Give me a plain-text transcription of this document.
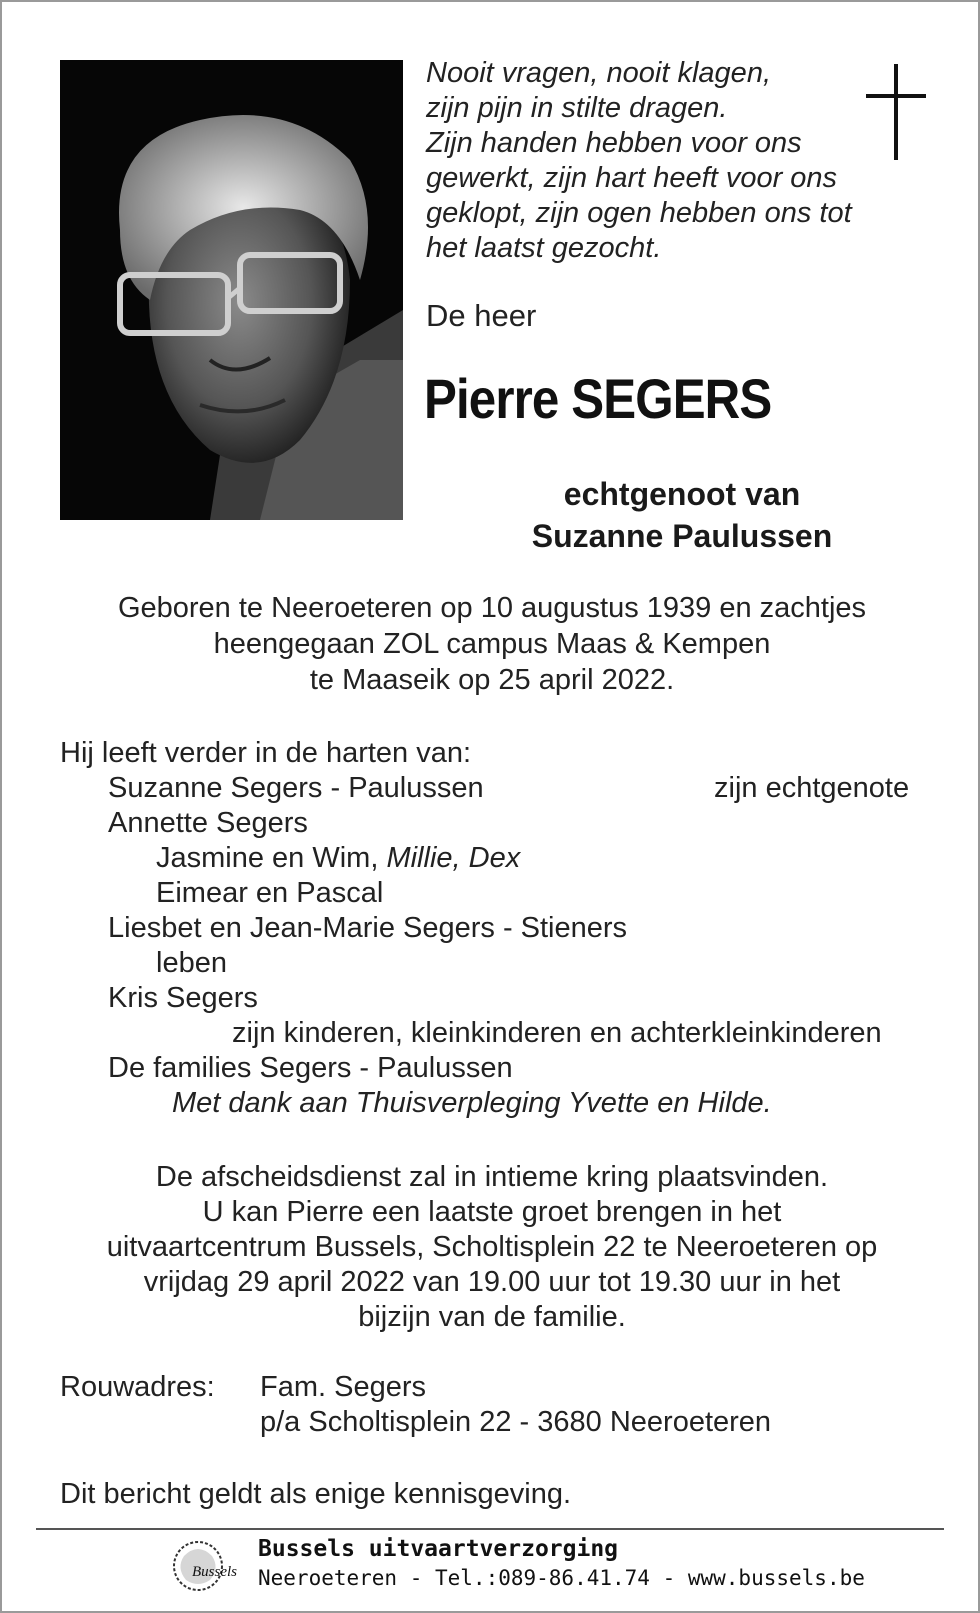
Nooit vragen, nooit klagen,
zijn pijn in stilte dragen.
Zijn handen hebben voor ons
gewerkt, zijn hart heeft voor ons
geklopt, zijn ogen hebben ons tot
het laatst gezocht.
De heer
Pierre SEGERS
echtgenoot van
Suzanne Paulussen
Geboren te Neeroeteren op 10 augustus 1939 en zachtjes
heengegaan ZOL campus Maas & Kempen
te Maaseik op 25 april 2022.
Hij leeft verder in de harten van:
Suzanne Segers - Paulussen	zijn echtgenote
Annette Segers
Jasmine en Wim, Millie, Dex
Eimear en Pascal
Liesbet en Jean-Marie Segers - Stieners
leben
Kris Segers
zijn kinderen, kleinkinderen en achterkleinkinderen
De families Segers - Paulussen
Met dank aan Thuisverpleging Yvette en Hilde.
De afscheidsdienst zal in intieme kring plaatsvinden.
U kan Pierre een laatste groet brengen in het
uitvaartcentrum Bussels, Scholtisplein 22 te Neeroeteren op
vrijdag 29 april 2022 van 19.00 uur tot 19.30 uur in het
bijzijn van de familie.
Rouwadres: Fam. Segers
p/a Scholtisplein 22 - 3680 Neeroeteren
Dit bericht geldt als enige kennisgeving.
Bussels
Bussels uitvaartverzorging
Neeroeteren - Tel.:089-86.41.74 - www.bussels.be
